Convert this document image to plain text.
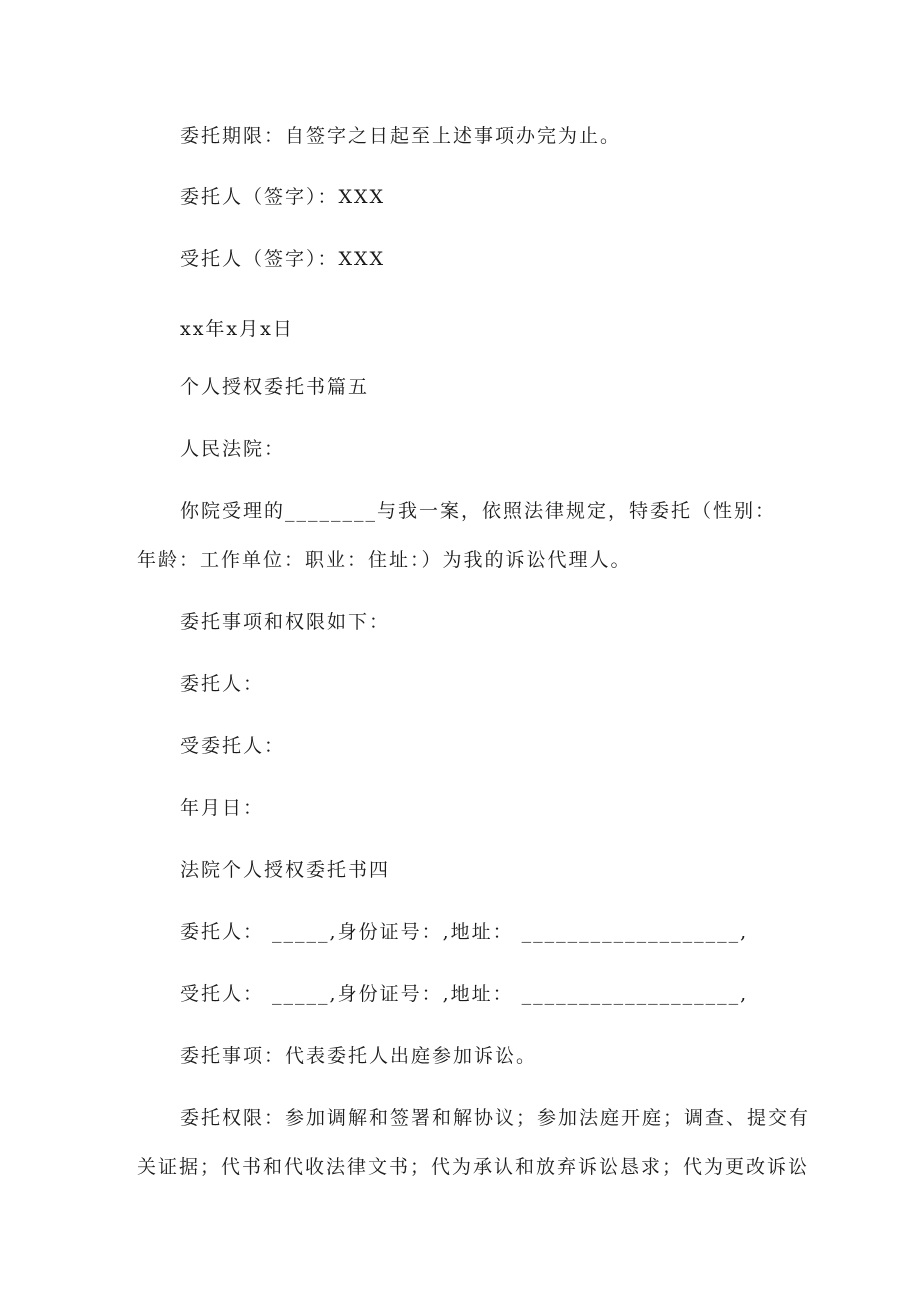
委托期限：自签字之日起至上述事项办完为止。
委托人（签字）：XXX
受托人（签字）：XXX
xx年x月x日
个人授权委托书篇五
人民法院：
你院受理的________与我一案，依照法律规定，特委托（性别：
年龄：工作单位：职业：住址：）为我的诉讼代理人。
委托事项和权限如下：
委托人：
受委托人：
年月日：
法院个人授权委托书四
委托人： _____,身份证号：,地址： ___________________,
受托人： _____,身份证号：,地址： ___________________,
委托事项：代表委托人出庭参加诉讼。
委托权限：参加调解和签署和解协议；参加法庭开庭；调查、提交有
关证据；代书和代收法律文书；代为承认和放弃诉讼恳求；代为更改诉讼
